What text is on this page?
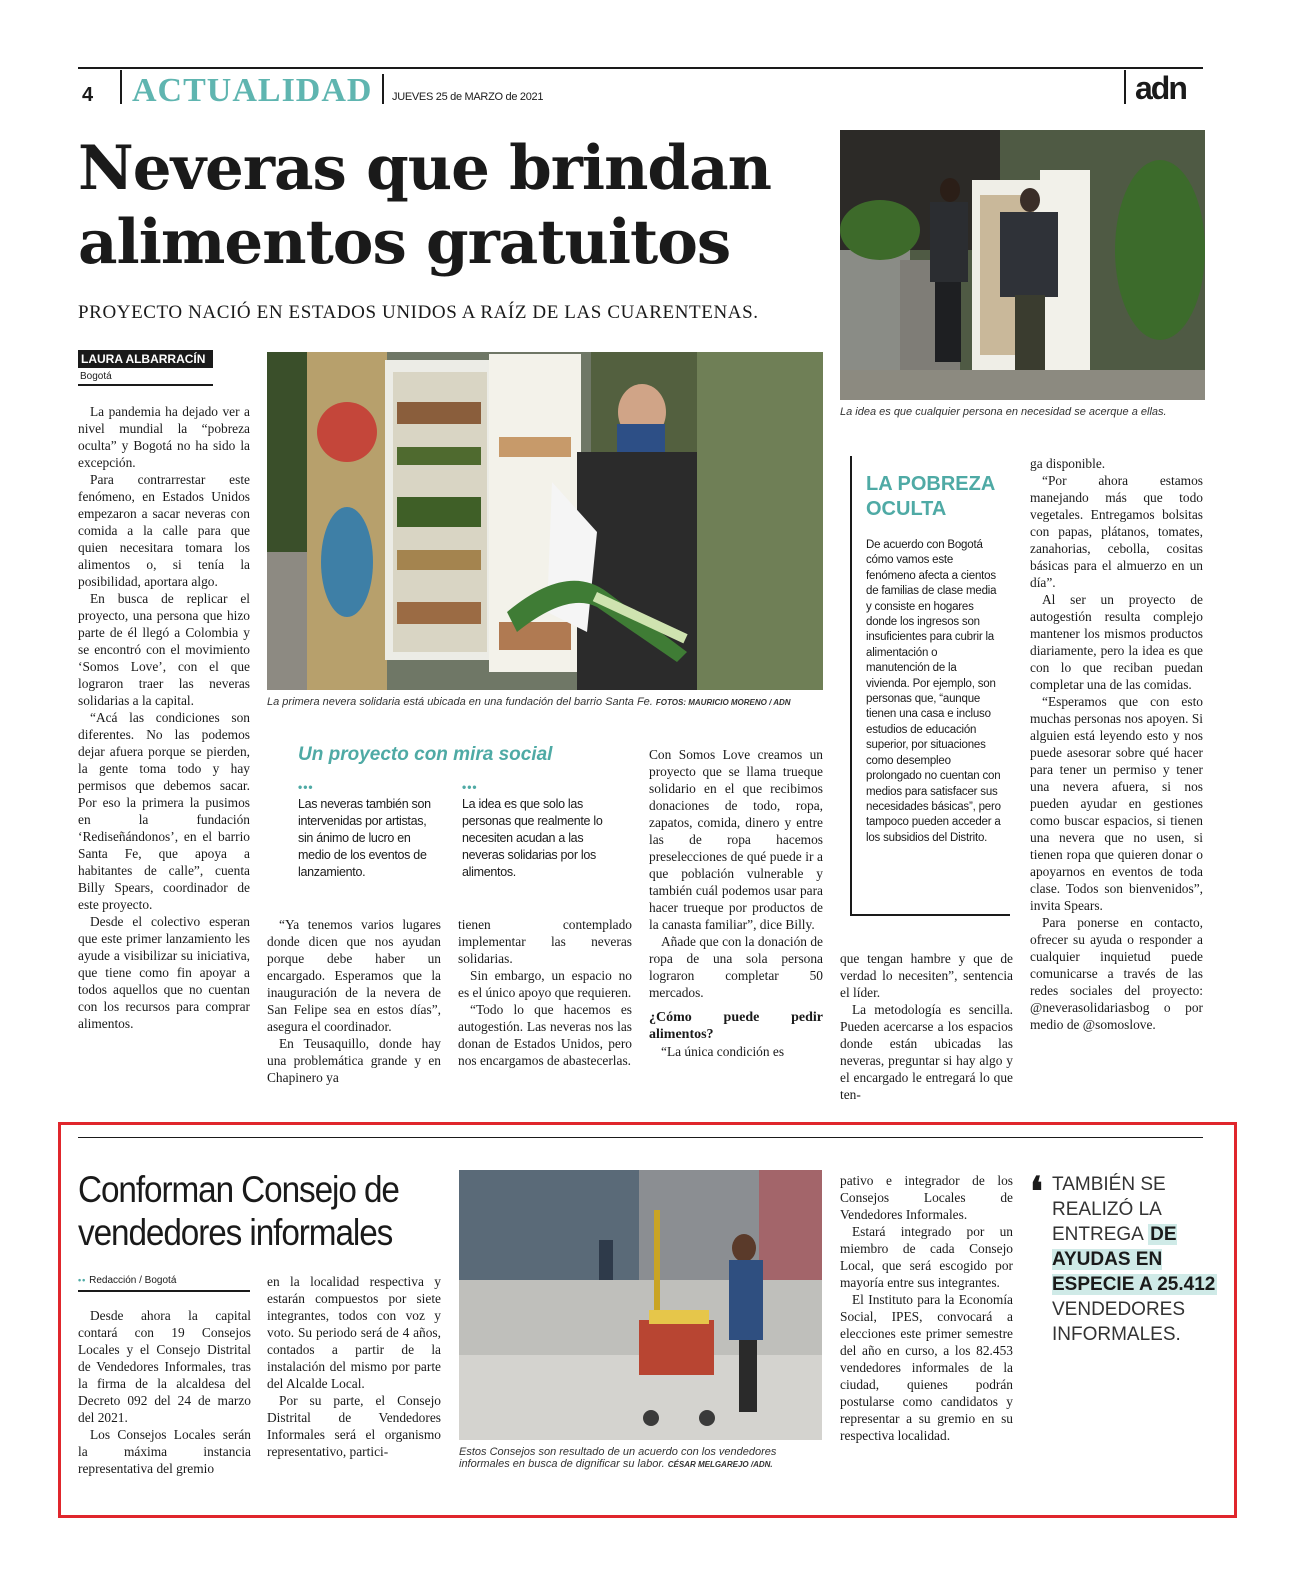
4 ACTUALIDAD JUEVES 25 de MARZO de 2021	adn
Neveras que brindan alimentos gratuitos
PROYECTO NACIÓ EN ESTADOS UNIDOS A RAÍZ DE LAS CUARENTENAS.
LAURA ALBARRACÍN
Bogotá

La pandemia ha dejado ver a nivel mundial la “pobreza oculta” y Bogotá no ha sido la excepción.

Para contrarrestar este fenómeno, en Estados Unidos empezaron a sacar neveras con comida a la calle para que quien necesitara tomara los alimentos o, si tenía la posibilidad, aportara algo.

En busca de replicar el proyecto, una persona que hizo parte de él llegó a Colombia y se encontró con el movimiento ‘Somos Love’, con el que lograron traer las neveras solidarias a la capital.

“Acá las condiciones son diferentes. No las podemos dejar afuera porque se pierden, la gente toma todo y hay permisos que debemos sacar. Por eso la primera la pusimos en la fundación ‘Rediseñándonos’, en el barrio Santa Fe, que apoya a habitantes de calle”, cuenta Billy Spears, coordinador de este proyecto.

Desde el colectivo esperan que este primer lanzamiento les ayude a visibilizar su iniciativa, que tiene como fin apoyar a todos aquellos que no cuentan con los recursos para comprar alimentos.

La primera nevera solidaria está ubicada en una fundación del barrio Santa Fe. FOTOS: MAURICIO MORENO / ADN
La idea es que cualquier persona en necesidad se acerque a ellas.
Un proyecto con mira social
•••
Las neveras también son intervenidas por artistas, sin ánimo de lucro en medio de los eventos de lanzamiento.
•••
La idea es que solo las personas que realmente lo necesiten acudan a las neveras solidarias por los alimentos.

“Ya tenemos varios lugares donde dicen que nos ayudan porque debe haber un encargado. Esperamos que la inauguración de la nevera de San Felipe sea en estos días”, asegura el coordinador.

En Teusaquillo, donde hay una problemática grande y en Chapinero ya

tienen contemplado implementar las neveras solidarias.

Sin embargo, un espacio no es el único apoyo que requieren.

“Todo lo que hacemos es autogestión. Las neveras nos las donan de Estados Unidos, pero nos encargamos de abastecerlas.

Con Somos Love creamos un proyecto que se llama trueque solidario en el que recibimos donaciones de todo, ropa, zapatos, comida, dinero y entre las de ropa hacemos preselecciones de qué puede ir a que población vulnerable y también cuál podemos usar para hacer trueque por productos de la canasta familiar”, dice Billy.

Añade que con la donación de ropa de una sola persona lograron completar 50 mercados.

¿Cómo puede pedir alimentos?

“La única condición es

que tengan hambre y que de verdad lo necesiten”, sentencia el líder.

La metodología es sencilla. Pueden acercarse a los espacios donde están ubicadas las neveras, preguntar si hay algo y el encargado le entregará lo que ten-

ga disponible.

“Por ahora estamos manejando más que todo vegetales. Entregamos bolsitas con papas, plátanos, tomates, zanahorias, cebolla, cositas básicas para el almuerzo en un día”.

Al ser un proyecto de autogestión resulta complejo mantener los mismos productos diariamente, pero la idea es que con lo que reciban puedan completar una de las comidas.

“Esperamos que con esto muchas personas nos apoyen. Si alguien está leyendo esto y nos puede asesorar sobre qué hacer para tener un permiso y tener una nevera afuera, si nos pueden ayudar en gestiones como buscar espacios, si tienen una nevera que no usen, si tienen ropa que quieren donar o apoyarnos en eventos de toda clase. Todos son bienvenidos”, invita Spears.

Para ponerse en contacto, ofrecer su ayuda o responder a cualquier inquietud puede comunicarse a través de las redes sociales del proyecto: @neverasolidariasbog o por medio de @somoslove.

LA POBREZA OCULTA
De acuerdo con Bogotá cómo vamos este fenómeno afecta a cientos de familias de clase media y consiste en hogares donde los ingresos son insuficientes para cubrir la alimentación o manutención de la vivienda. Por ejemplo, son personas que, “aunque tienen una casa e incluso estudios de educación superior, por situaciones como desempleo prolongado no cuentan con medios para satisfacer sus necesidades básicas”, pero tampoco pueden acceder a los subsidios del Distrito.
Conforman Consejo de vendedores informales
•• Redacción / Bogotá

Desde ahora la capital contará con 19 Consejos Locales y el Consejo Distrital de Vendedores Informales, tras la firma de la alcaldesa del Decreto 092 del 24 de marzo del 2021.

Los Consejos Locales serán la máxima instancia representativa del gremio

en la localidad respectiva y estarán compuestos por siete integrantes, todos con voz y voto. Su periodo será de 4 años, contados a partir de la instalación del mismo por parte del Alcalde Local.

Por su parte, el Consejo Distrital de Vendedores Informales será el organismo representativo, partici-	Estos Consejos son resultado de un acuerdo con los vendedores informales en busca de dignificar su labor. CÉSAR MELGAREJO /ADN.

pativo e integrador de los Consejos Locales de Vendedores Informales.

Estará integrado por un miembro de cada Consejo Local, que será escogido por mayoría entre sus integrantes.

El Instituto para la Economía Social, IPES, convocará a elecciones este primer semestre del año en curso, a los 82.453 vendedores informales de la ciudad, quienes podrán postularse como candidatos y representar a su gremio en su respectiva localidad.

❛ TAMBIÉN SE REALIZÓ LA ENTREGA DE AYUDAS EN ESPECIE A 25.412 VENDEDORES INFORMALES.
